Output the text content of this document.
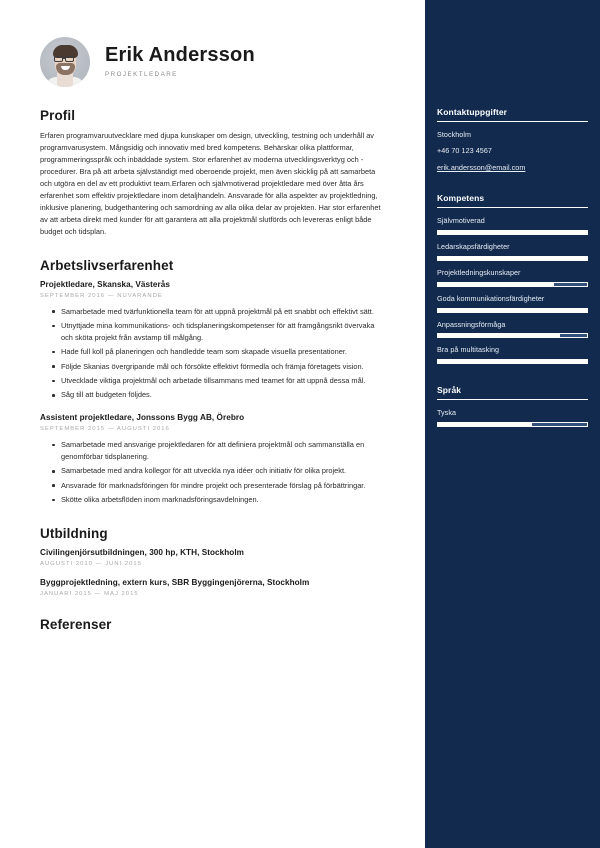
Erik Andersson
PROJEKTLEDARE
Profil

Erfaren programvaruutvecklare med djupa kunskaper om design, utveckling, testning och underhåll av programvarusystem. Mångsidig och innovativ med bred kompetens. Behärskar olika plattformar, programmeringsspråk och inbäddade system. Stor erfarenhet av moderna utvecklingsverktyg och -procedurer. Bra på att arbeta självständigt med oberoende projekt, men även skicklig på att samarbeta och utgöra en del av ett produktivt team.Erfaren och självmotiverad projektledare med över åtta års erfarenhet som effektiv projektledare inom detaljhandeln. Ansvarade för alla aspekter av projektledning, inklusive planering, budgethantering och samordning av alla olika delar av projekten. Har stor erfarenhet av att arbeta direkt med kunder för att garantera att alla projektmål slutförds och levereras enligt både budget och tidsplan.

Arbetslivserfarenhet
Projektledare, Skanska, Västerås
SEPTEMBER 2016 — NUVARANDE
Samarbetade med tvärfunktionella team för att uppnå projektmål på ett snabbt och effektivt sätt.
Utnyttjade mina kommunikations- och tidsplaneringskompetenser för att framgångsrikt övervaka och sköta projekt från avstamp till målgång.
Hade full koll på planeringen och handledde team som skapade visuella presentationer.
Följde Skanias övergripande mål och försökte effektivt förmedla och främja företagets vision.
Utvecklade viktiga projektmål och arbetade tillsammans med teamet för att uppnå dessa mål.
Såg till att budgeten följdes.
Assistent projektledare, Jonssons Bygg AB, Örebro
SEPTEMBER 2015 — AUGUSTI 2016
Samarbetade med ansvarige projektledaren för att definiera projektmål och sammanställa en genomförbar tidsplanering.
Samarbetade med andra kollegor för att utveckla nya idéer och initiativ för olika projekt.
Ansvarade för marknadsföringen för mindre projekt och presenterade förslag på förbättringar.
Skötte olika arbetsflöden inom marknadsföringsavdelningen.
Utbildning
Civilingenjörsutbildningen, 300 hp, KTH, Stockholm
AUGUSTI 2010 — JUNI 2015
Byggprojektledning, extern kurs, SBR Byggingenjörerna, Stockholm
JANUARI 2015 — MAJ 2015
Referenser
Kontaktuppgifter
Stockholm
+46 70 123 4567
erik.andersson@email.com
Kompetens
Självmotiverad
Ledarskapsfärdigheter
Projektledningskunskaper
Goda kommunikationsfärdigheter
Anpassningsförmåga
Bra på multitasking
Språk
Tyska
